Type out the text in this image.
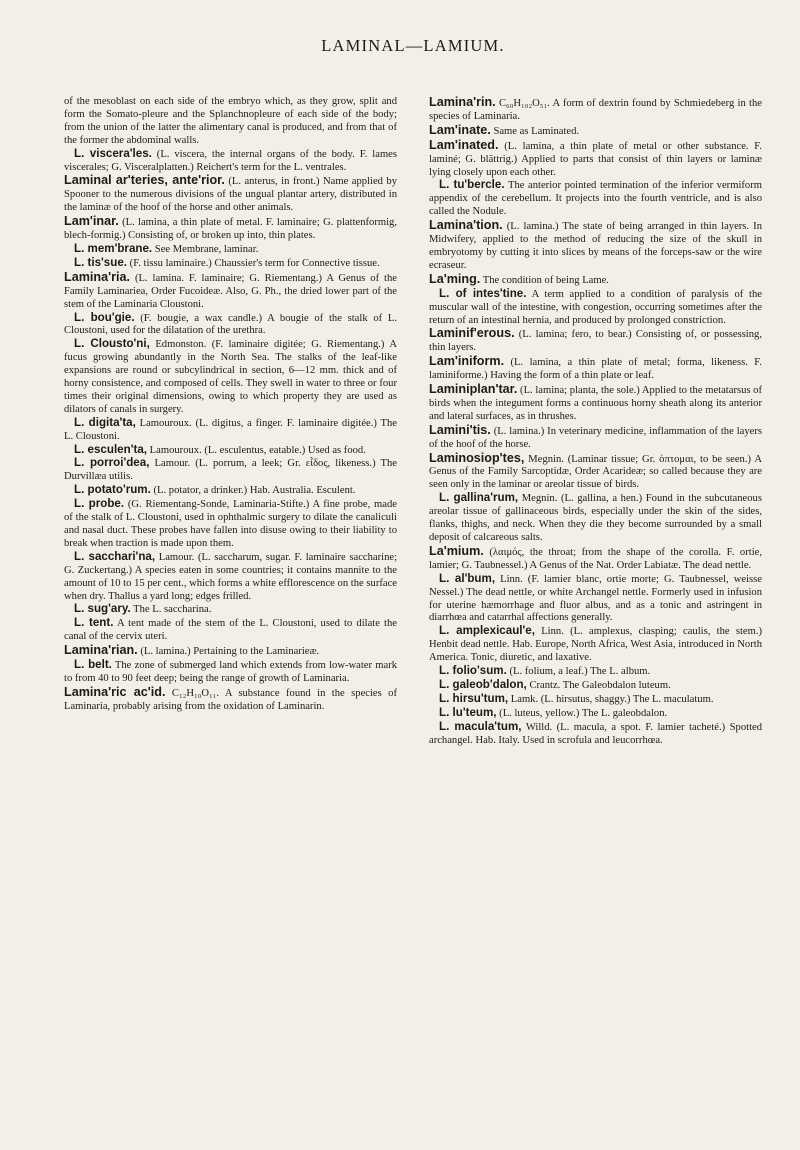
LAMINAL—LAMIUM.

of the mesoblast on each side of the embryo which, as they grow, split and form the Somato-pleure and the Splanchnopleure of each side of the body; from the union of the latter the alimentary canal is produced, and from that of the former the abdominal walls.

L. viscera'les. (L. viscera, the internal organs of the body. F. lames viscerales; G. Visceralplatten.) Reichert's term for the L. ventrales.

Laminal ar'teries, ante'rior. (L. anterus, in front.) Name applied by Spooner to the numerous divisions of the ungual plantar artery, distributed in the laminæ of the hoof of the horse and other animals.

Lam'inar. (L. lamina, a thin plate of metal. F. laminaire; G. plattenformig, blech-formig.) Consisting of, or broken up into, thin plates.

L. mem'brane. See Membrane, laminar.

L. tis'sue. (F. tissu laminaire.) Chaussier's term for Connective tissue.

Lamina'ria. (L. lamina. F. laminaire; G. Riementang.) A Genus of the Family Laminariea, Order Fucoideæ. Also, G. Ph., the dried lower part of the stem of the Laminaria Cloustoni.

L. bou'gie. (F. bougie, a wax candle.) A bougie of the stalk of L. Cloustoni, used for the dilatation of the urethra.

L. Clousto'ni, Edmonston. (F. laminaire digitée; G. Riementang.) A fucus growing abundantly in the North Sea. The stalks of the leaf-like expansions are round or subcylindrical in section, 6—12 mm. thick and of horny consistence, and composed of cells. They swell in water to three or four times their original dimensions, owing to which property they are used as dilators of canals in surgery.

L. digita'ta, Lamouroux. (L. digitus, a finger. F. laminaire digitée.) The L. Cloustoni.

L. esculen'ta, Lamouroux. (L. esculentus, eatable.) Used as food.

L. porroi'dea, Lamour. (L. porrum, a leek; Gr. εἶδος, likeness.) The Durvillæa utilis.

L. potato'rum. (L. potator, a drinker.) Hab. Australia. Esculent.

L. probe. (G. Riementang-Sonde, Laminaria-Stifte.) A fine probe, made of the stalk of L. Cloustoni, used in ophthalmic surgery to dilate the canaliculi and nasal duct. These probes have fallen into disuse owing to their liability to break when traction is made upon them.

L. sacchari'na, Lamour. (L. saccharum, sugar. F. laminaire saccharine; G. Zuckertang.) A species eaten in some countries; it contains mannite to the amount of 10 to 15 per cent., which forms a white efflorescence on the surface when dry. Thallus a yard long; edges frilled.

L. sug'ary. The L. saccharina.

L. tent. A tent made of the stem of the L. Cloustoni, used to dilate the canal of the cervix uteri.

Lamina'rian. (L. lamina.) Pertaining to the Laminarieæ.

L. belt. The zone of submerged land which extends from low-water mark to from 40 to 90 feet deep; being the range of growth of Laminaria.

Lamina'ric ac'id. C₁₂H₁₀O₁₁. A substance found in the species of Laminaria, probably arising from the oxidation of Laminarin.

Lamina'rin. C₆₀H₁₀₂O₅₁. A form of dextrin found by Schmiedeberg in the species of Laminaria.

Lam'inate. Same as Laminated.

Lam'inated. (L. lamina, a thin plate of metal or other substance. F. laminé; G. blättrig.) Applied to parts that consist of thin layers or laminæ lying closely upon each other.

L. tu'bercle. The anterior pointed termination of the inferior vermiform appendix of the cerebellum. It projects into the fourth ventricle, and is also called the Nodule.

Lamina'tion. (L. lamina.) The state of being arranged in thin layers. In Midwifery, applied to the method of reducing the size of the skull in embryotomy by cutting it into slices by means of the forceps-saw or the wire ecraseur.

La'ming. The condition of being Lame.

L. of intes'tine. A term applied to a condition of paralysis of the muscular wall of the intestine, with congestion, occurring sometimes after the return of an intestinal hernia, and produced by prolonged constriction.

Laminif'erous. (L. lamina; fero, to bear.) Consisting of, or possessing, thin layers.

Lam'iniform. (L. lamina, a thin plate of metal; forma, likeness. F. laminiforme.) Having the form of a thin plate or leaf.

Laminiplan'tar. (L. lamina; planta, the sole.) Applied to the metatarsus of birds when the integument forms a continuous horny sheath along its anterior and lateral surfaces, as in thrushes.

Lamini'tis. (L. lamina.) In veterinary medicine, inflammation of the layers of the hoof of the horse.

Laminosiop'tes, Megnin. (Laminar tissue; Gr. ὀπτομαι, to be seen.) A Genus of the Family Sarcoptidæ, Order Acarideæ; so called because they are seen only in the laminar or areolar tissue of birds.

L. gallina'rum, Megnin. (L. gallina, a hen.) Found in the subcutaneous areolar tissue of gallinaceous birds, especially under the skin of the sides, flanks, thighs, and neck. When they die they become surrounded by a small deposit of calcareous salts.

La'mium. (λαιμός, the throat; from the shape of the corolla. F. ortie, lamier; G. Taubnessel.) A Genus of the Nat. Order Labiatæ. The dead nettle.

L. al'bum, Linn. (F. lamier blanc, ortie morte; G. Taubnessel, weisse Nessel.) The dead nettle, or white Archangel nettle. Formerly used in infusion for uterine hæmorrhage and fluor albus, and as a tonic and astringent in diarrhœa and catarrhal affections generally.

L. amplexicaul'e, Linn. (L. amplexus, clasping; caulis, the stem.) Henbit dead nettle. Hab. Europe, North Africa, West Asia, introduced in North America. Tonic, diuretic, and laxative.

L. folio'sum. (L. folium, a leaf.) The L. album.

L. galeob'dalon, Crantz. The Galeobdalon luteum.

L. hirsu'tum, Lamk. (L. hirsutus, shaggy.) The L. maculatum.

L. lu'teum, (L. luteus, yellow.) The L. galeobdalon.

L. macula'tum, Willd. (L. macula, a spot. F. lamier tacheté.) Spotted archangel. Hab. Italy. Used in scrofula and leucorrhœa.
